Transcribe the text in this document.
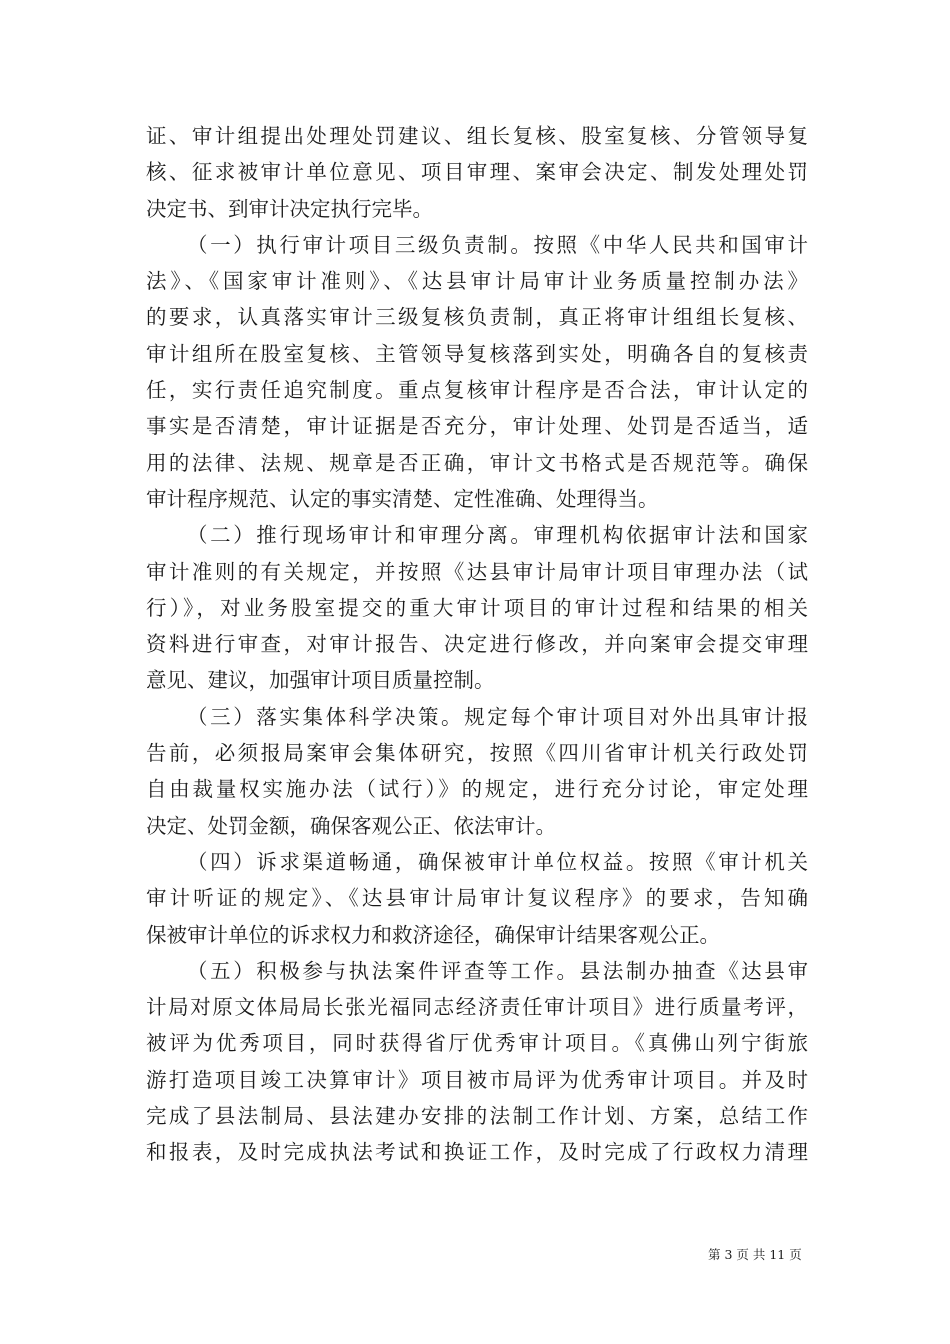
证、审计组提出处理处罚建议、组长复核、股室复核、分管领导复
核、征求被审计单位意见、项目审理、案审会决定、制发处理处罚
决定书、到审计决定执行完毕。
（一）执行审计项目三级负责制。按照《中华人民共和国审计
法》、《国家审计准则》、《达县审计局审计业务质量控制办法》
的要求，认真落实审计三级复核负责制，真正将审计组组长复核、
审计组所在股室复核、主管领导复核落到实处，明确各自的复核责
任，实行责任追究制度。重点复核审计程序是否合法，审计认定的
事实是否清楚，审计证据是否充分，审计处理、处罚是否适当，适
用的法律、法规、规章是否正确，审计文书格式是否规范等。确保
审计程序规范、认定的事实清楚、定性准确、处理得当。
（二）推行现场审计和审理分离。审理机构依据审计法和国家
审计准则的有关规定，并按照《达县审计局审计项目审理办法（试
行）》，对业务股室提交的重大审计项目的审计过程和结果的相关
资料进行审查，对审计报告、决定进行修改，并向案审会提交审理
意见、建议，加强审计项目质量控制。
（三）落实集体科学决策。规定每个审计项目对外出具审计报
告前，必须报局案审会集体研究，按照《四川省审计机关行政处罚
自由裁量权实施办法（试行）》的规定，进行充分讨论，审定处理
决定、处罚金额，确保客观公正、依法审计。
（四）诉求渠道畅通，确保被审计单位权益。按照《审计机关
审计听证的规定》、《达县审计局审计复议程序》的要求，告知确
保被审计单位的诉求权力和救济途径，确保审计结果客观公正。
（五）积极参与执法案件评查等工作。县法制办抽查《达县审
计局对原文体局局长张光福同志经济责任审计项目》进行质量考评，
被评为优秀项目，同时获得省厅优秀审计项目。《真佛山列宁街旅
游打造项目竣工决算审计》项目被市局评为优秀审计项目。并及时
完成了县法制局、县法建办安排的法制工作计划、方案，总结工作
和报表，及时完成执法考试和换证工作，及时完成了行政权力清理
第 3 页 共 11 页
